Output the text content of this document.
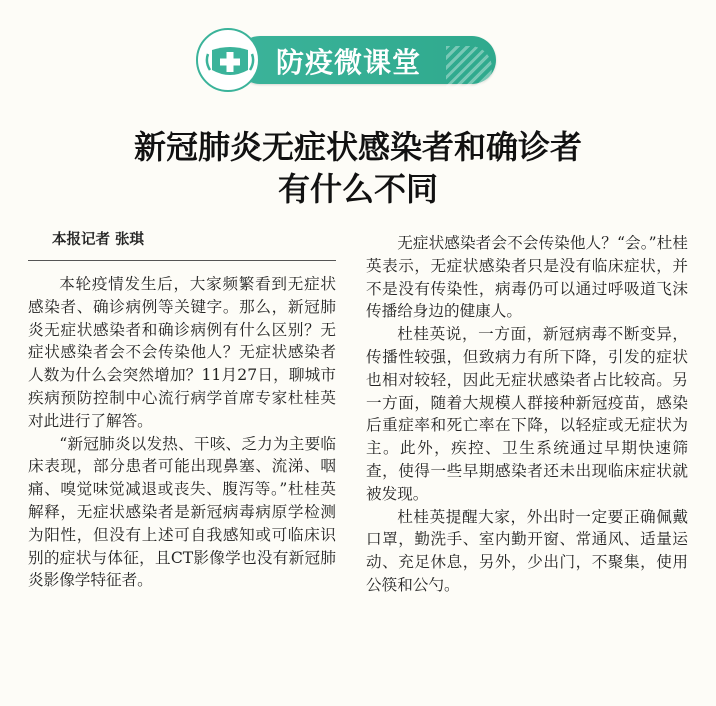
防疫微课堂
新冠肺炎无症状感染者和确诊者
有什么不同
本报记者 张琪

本轮疫情发生后，大家频繁看到无症状感染者、确诊病例等关键字。那么，新冠肺炎无症状感染者和确诊病例有什么区别？无症状感染者会不会传染他人？无症状感染者人数为什么会突然增加？11月27日，聊城市疾病预防控制中心流行病学首席专家杜桂英对此进行了解答。

“新冠肺炎以发热、干咳、乏力为主要临床表现，部分患者可能出现鼻塞、流涕、咽痛、嗅觉味觉减退或丧失、腹泻等。”杜桂英解释，无症状感染者是新冠病毒病原学检测为阳性，但没有上述可自我感知或可临床识别的症状与体征，且CT影像学也没有新冠肺炎影像学特征者。

无症状感染者会不会传染他人？“会。”杜桂英表示，无症状感染者只是没有临床症状，并不是没有传染性，病毒仍可以通过呼吸道飞沫传播给身边的健康人。

杜桂英说，一方面，新冠病毒不断变异，传播性较强，但致病力有所下降，引发的症状也相对较轻，因此无症状感染者占比较高。另一方面，随着大规模人群接种新冠疫苗，感染后重症率和死亡率在下降，以轻症或无症状为主。此外，疾控、卫生系统通过早期快速筛查，使得一些早期感染者还未出现临床症状就被发现。

杜桂英提醒大家，外出时一定要正确佩戴口罩，勤洗手、室内勤开窗、常通风、适量运动、充足休息，另外，少出门，不聚集，使用公筷和公勺。
